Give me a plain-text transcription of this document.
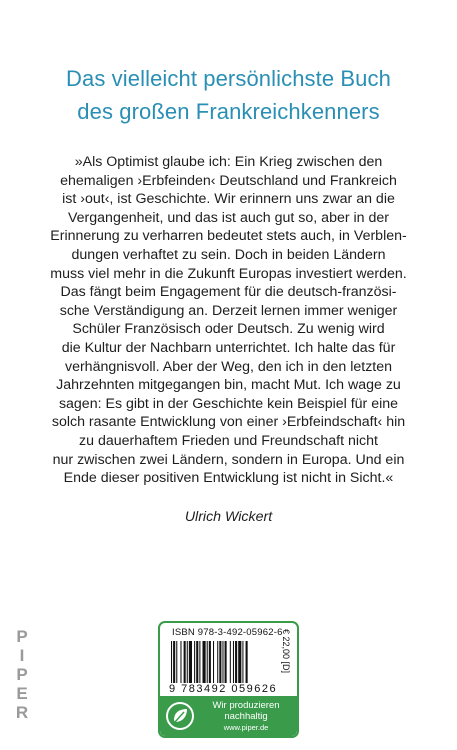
Das vielleicht persönlichste Buch
des großen Frankreichkenners
»Als Optimist glaube ich: Ein Krieg zwischen den
ehemaligen ›Erbfeinden‹ Deutschland und Frankreich
ist ›out‹, ist Geschichte. Wir erinnern uns zwar an die
Vergangenheit, und das ist auch gut so, aber in der
Erinnerung zu verharren bedeutet stets auch, in Verblen-
dungen verhaftet zu sein. Doch in beiden Ländern
muss viel mehr in die Zukunft Europas investiert werden.
Das fängt beim Engagement für die deutsch-französi-
sche Verständigung an. Derzeit lernen immer weniger
Schüler Französisch oder Deutsch. Zu wenig wird
die Kultur der Nachbarn unterrichtet. Ich halte das für
verhängnisvoll. Aber der Weg, den ich in den letzten
Jahrzehnten mitgegangen bin, macht Mut. Ich wage zu
sagen: Es gibt in der Geschichte kein Beispiel für eine
solch rasante Entwicklung von einer ›Erbfeindschaft‹ hin
zu dauerhaftem Frieden und Freundschaft nicht
nur zwischen zwei Ländern, sondern in Europa. Und ein
Ende dieser positiven Entwicklung ist nicht in Sicht.«
Ulrich Wickert
P
I
P
E
R
ISBN 978-3-492-05962-6
9 783492 059626
€ 22,00 [D]
Wir produzieren
nachhaltig
www.piper.de
